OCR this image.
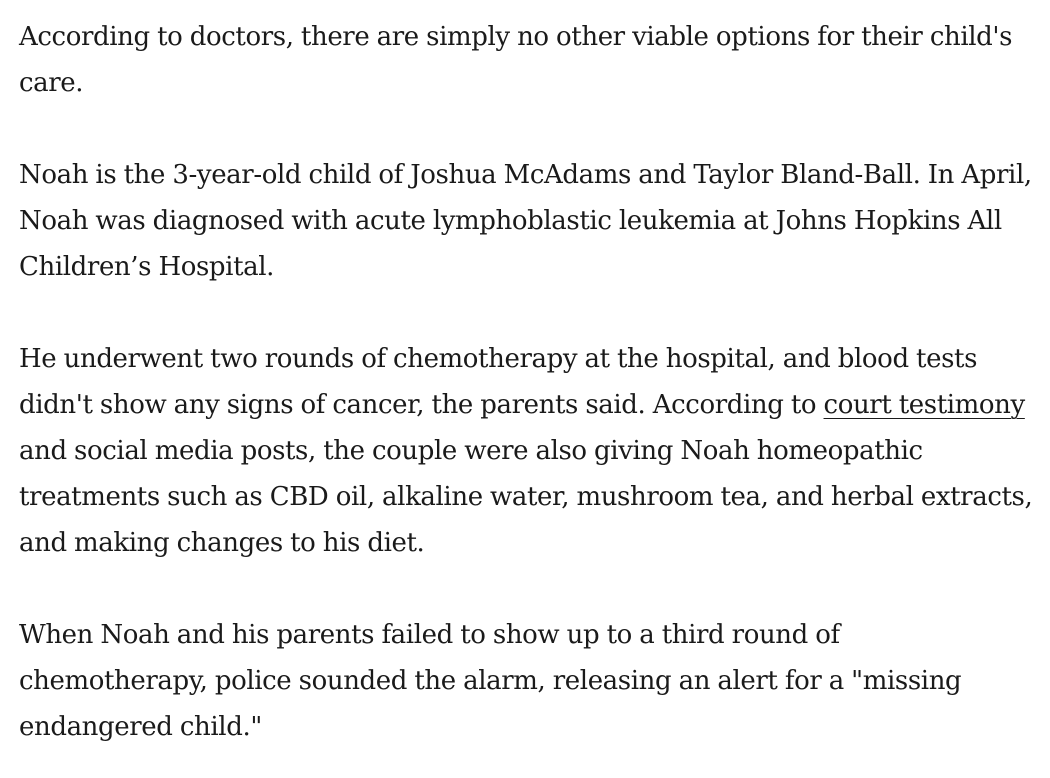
According to doctors, there are simply no other viable options for their child's care.

Noah is the 3-year-old child of Joshua McAdams and Taylor Bland-Ball. In April, Noah was diagnosed with acute lymphoblastic leukemia at Johns Hopkins All Children’s Hospital.

He underwent two rounds of chemotherapy at the hospital, and blood tests didn't show any signs of cancer, the parents said. According to court testimony and social media posts, the couple were also giving Noah homeopathic treatments such as CBD oil, alkaline water, mushroom tea, and herbal extracts, and making changes to his diet.

When Noah and his parents failed to show up to a third round of chemotherapy, police sounded the alarm, releasing an alert for a "missing endangered child."
